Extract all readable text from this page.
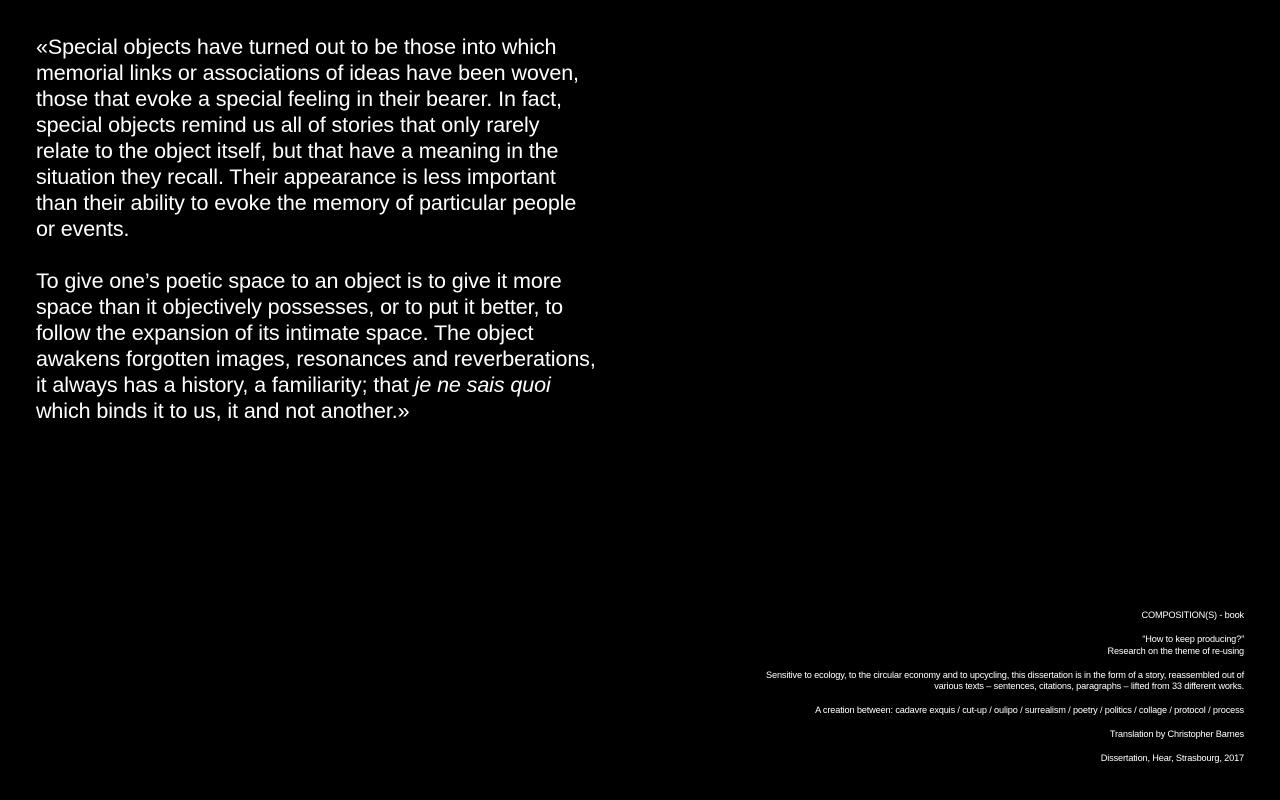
«Special objects have turned out to be those into which memorial links or associations of ideas have been woven, those that evoke a special feeling in their bearer. In fact, special objects remind us all of stories that only rarely relate to the object itself, but that have a meaning in the situation they recall. Their appearance is less important than their ability to evoke the memory of particular people or events.

To give one’s poetic space to an object is to give it more space than it objectively possesses, or to put it better, to follow the expansion of its intimate space. The object awakens forgotten images, resonances and reverberations, it always has a history, a familiarity; that je ne sais quoi which binds it to us, it and not another.»

COMPOSITION(S) - book
“How to keep producing?”
Research on the theme of re-using
Sensitive to ecology, to the circular economy and to upcycling, this dissertation is in the form of a story, reassembled out of
various texts – sentences, citations, paragraphs – lifted from 33 different works.
A creation between: cadavre exquis / cut-up / oulipo / surrealism / poetry / politics / collage / protocol / process
Translation by Christopher Barnes
Dissertation, Hear, Strasbourg, 2017
